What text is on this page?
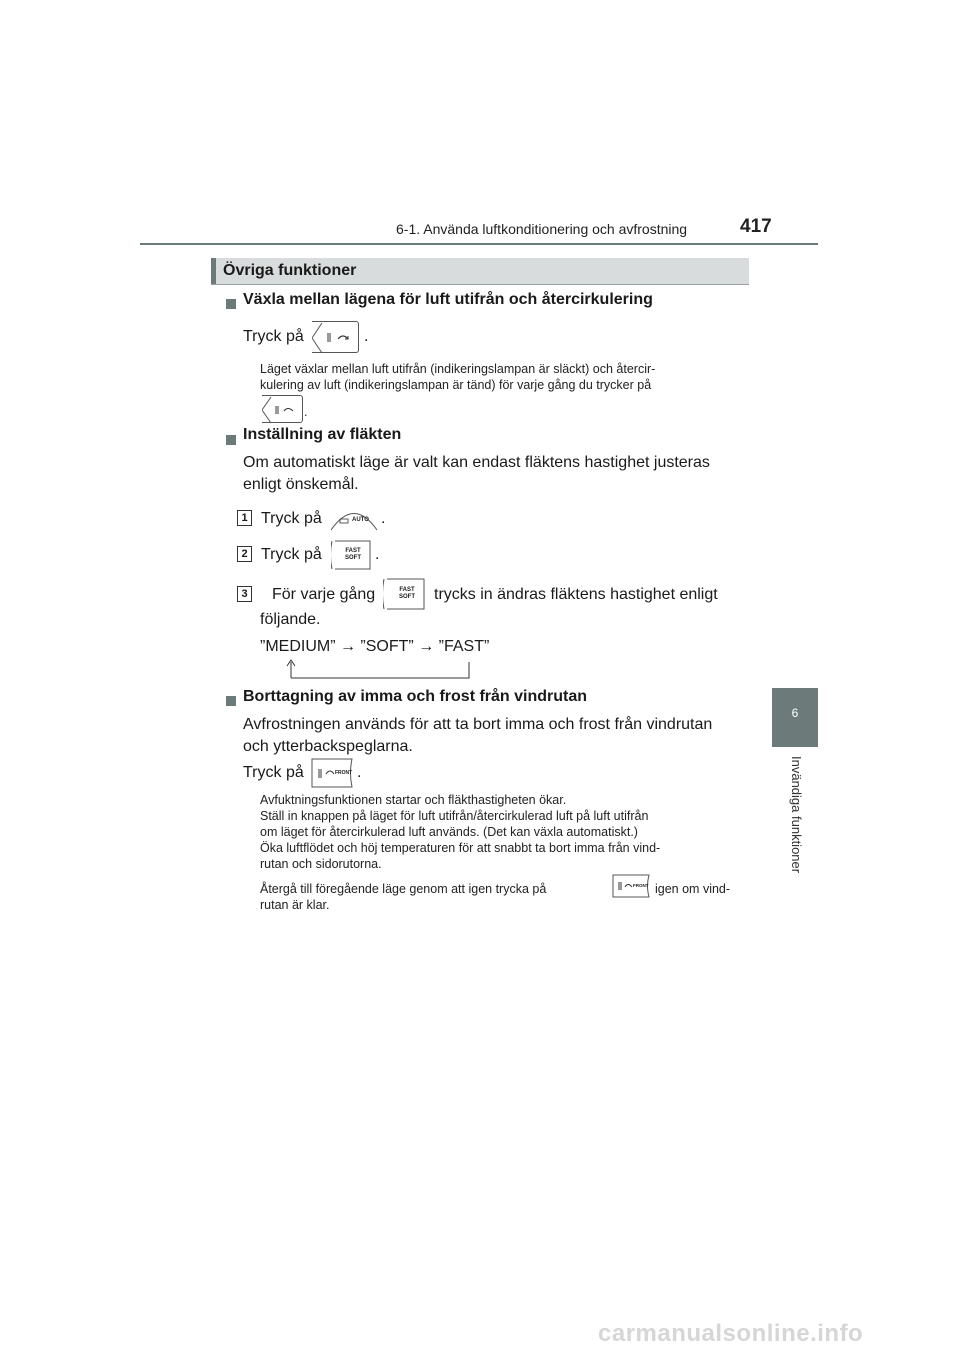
6-1. Använda luftkonditionering och avfrostning	417
6
Invändiga funktioner
Övriga funktioner
Växla mellan lägena för luft utifrån och återcirkulering
Tryck på	.
Läget växlar mellan luft utifrån (indikeringslampan är släckt) och återcir-
kulering av luft (indikeringslampan är tänd) för varje gång du trycker på
.
Inställning av fläkten
Om automatiskt läge är valt kan endast fläktens hastighet justeras
enligt önskemål.
1 Tryck på	AUTO .
2 Tryck på	FAST
SOFT .
3 För varje gång	FAST
SOFT trycks in ändras fläktens hastighet enligt
följande.
”MEDIUM” → ”SOFT” → ”FAST”
Borttagning av imma och frost från vindrutan
Avfrostningen används för att ta bort imma och frost från vindrutan
och ytterbackspeglarna.
Tryck på	FRONT .
Avfuktningsfunktionen startar och fläkthastigheten ökar.
Ställ in knappen på läget för luft utifrån/återcirkulerad luft på luft utifrån
om läget för återcirkulerad luft används. (Det kan växla automatiskt.)
Öka luftflödet och höj temperaturen för att snabbt ta bort imma från vind-
rutan och sidorutorna.
Återgå till föregående läge genom att igen trycka på	FRONT igen om vind-
rutan är klar.
carmanualsonline.info
